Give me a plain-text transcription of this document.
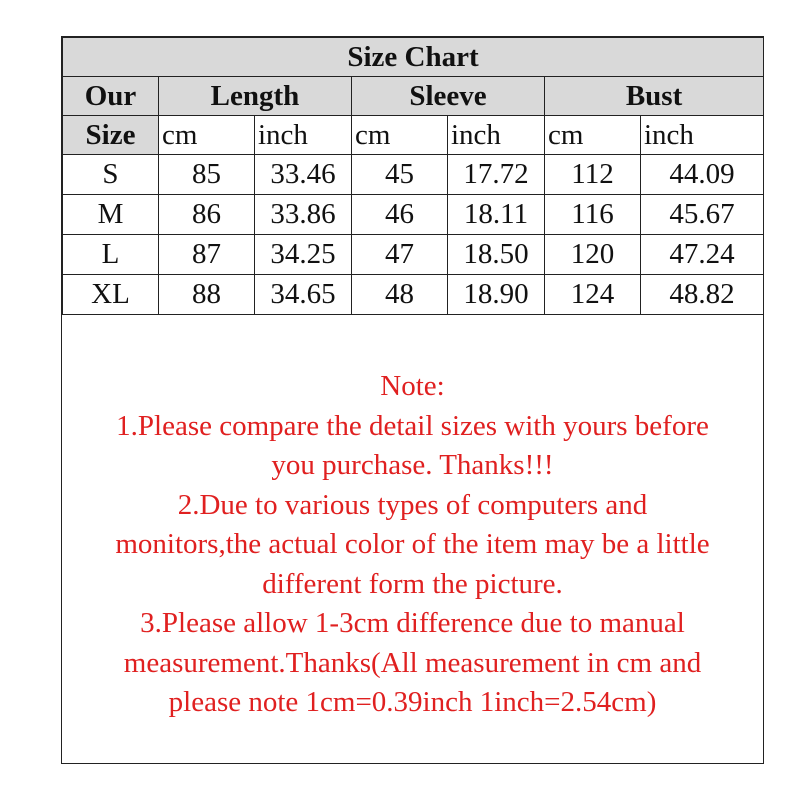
Size Chart						
Our	Length		Sleeve		Bust	
Size	cm	inch	cm	inch	cm	inch
S	85	33.46	45	17.72	112	44.09
M	86	33.86	46	18.11	116	45.67
L	87	34.25	47	18.50	120	47.24
XL	88	34.65	48	18.90	124	48.82
Note:
1.Please compare the detail sizes with yours before
you purchase. Thanks!!!
2.Due to various types of computers and
monitors,the actual color of the item may be a little
different form the picture.
3.Please allow 1-3cm difference due to manual
measurement.Thanks(All measurement in cm and
please note 1cm=0.39inch 1inch=2.54cm)
